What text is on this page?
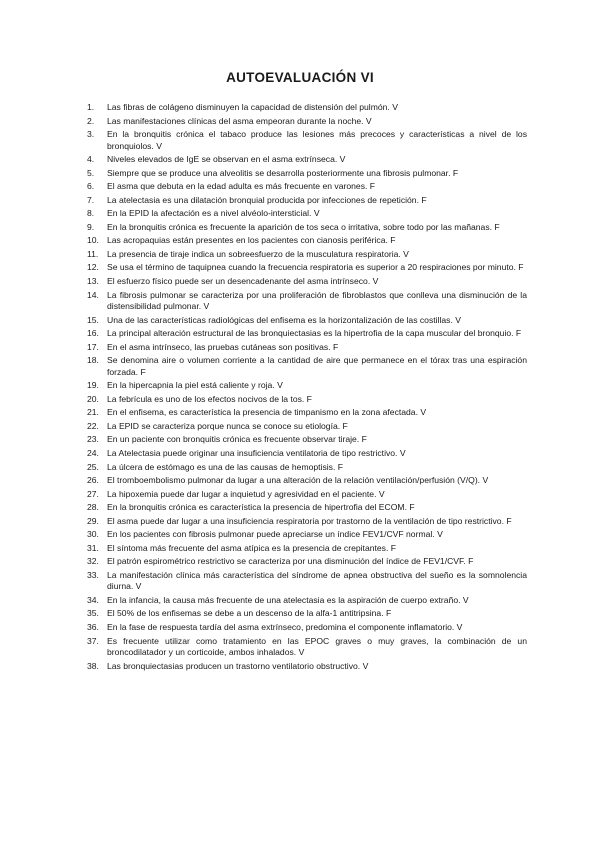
AUTOEVALUACIÓN VI
1. Las fibras de colágeno disminuyen la capacidad de distensión del pulmón. V
2. Las manifestaciones clínicas del asma empeoran durante la noche. V
3. En la bronquitis crónica el tabaco produce las lesiones más precoces y características a nivel de los bronquiolos. V
4. Niveles elevados de IgE se observan en el asma extrínseca. V
5. Siempre que se produce una alveolitis se desarrolla posteriormente una fibrosis pulmonar. F
6. El asma que debuta en la edad adulta es más frecuente en varones. F
7. La atelectasia es una dilatación bronquial producida por infecciones de repetición. F
8. En la EPID la afectación es a nivel alvéolo-intersticial. V
9. En la bronquitis crónica es frecuente la aparición de tos seca o irritativa, sobre todo por las mañanas. F
10. Las acropaquias están presentes en los pacientes con cianosis periférica. F
11. La presencia de tiraje indica un sobreesfuerzo de la musculatura respiratoria. V
12. Se usa el término de taquipnea cuando la frecuencia respiratoria es superior a 20 respiraciones por minuto. F
13. El esfuerzo físico puede ser un desencadenante del asma intrínseco. V
14. La fibrosis pulmonar se caracteriza por una proliferación de fibroblastos que conlleva una disminución de la distensibilidad pulmonar. V
15. Una de las características radiológicas del enfisema es la horizontalización de las costillas. V
16. La principal alteración estructural de las bronquiectasias es la hipertrofia de la capa muscular del bronquio. F
17. En el asma intrínseco, las pruebas cutáneas son positivas. F
18. Se denomina aire o volumen corriente a la cantidad de aire que permanece en el tórax tras una espiración forzada. F
19. En la hipercapnia la piel está caliente y roja. V
20. La febrícula es uno de los efectos nocivos de la tos. F
21. En el enfisema, es característica la presencia de timpanismo en la zona afectada. V
22. La EPID se caracteriza porque nunca se conoce su etiología. F
23. En un paciente con bronquitis crónica es frecuente observar tiraje. F
24. La Atelectasia puede originar una insuficiencia ventilatoria de tipo restrictivo. V
25. La úlcera de estómago es una de las causas de hemoptisis. F
26. El tromboembolismo pulmonar da lugar a una alteración de la relación ventilación/perfusión (V/Q). V
27. La hipoxemia puede dar lugar a inquietud y agresividad en el paciente. V
28. En la bronquitis crónica es característica la presencia de hipertrofia del ECOM. F
29. El asma puede dar lugar a una insuficiencia respiratoria por trastorno de la ventilación de tipo restrictivo. F
30. En los pacientes con fibrosis pulmonar puede apreciarse un índice FEV1/CVF normal. V
31. El síntoma más frecuente del asma atípica es la presencia de crepitantes. F
32. El patrón espirométrico restrictivo se caracteriza por una disminución del índice de FEV1/CVF. F
33. La manifestación clínica más característica del síndrome de apnea obstructiva del sueño es la somnolencia diurna. V
34. En la infancia, la causa más frecuente de una atelectasia es la aspiración de cuerpo extraño. V
35. El 50% de los enfisemas se debe a un descenso de la alfa-1 antitripsina. F
36. En la fase de respuesta tardía del asma extrínseco, predomina el componente inflamatorio. V
37. Es frecuente utilizar como tratamiento en las EPOC graves o muy graves, la combinación de un broncodilatador y un corticoide, ambos inhalados. V
38. Las bronquiectasias producen un trastorno ventilatorio obstructivo. V
